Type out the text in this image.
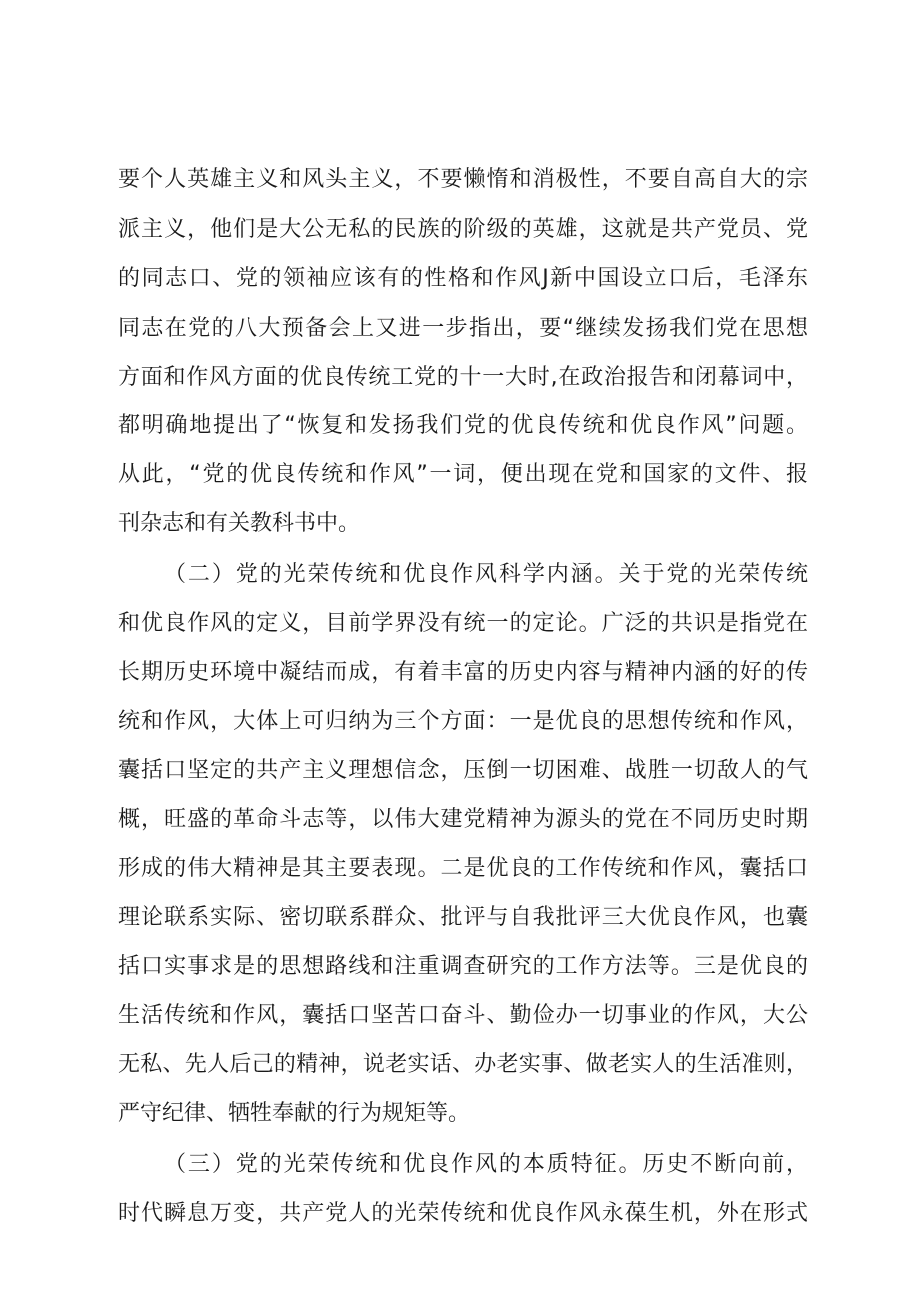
要个人英雄主义和风头主义，不要懒惰和消极性，不要自高自大的宗
派主义，他们是大公无私的民族的阶级的英雄，这就是共产党员、党
的同志口、党的领袖应该有的性格和作风J新中国设立口后，毛泽东
同志在党的八大预备会上又进一步指出，要“继续发扬我们党在思想
方面和作风方面的优良传统工党的十一大时,在政治报告和闭幕词中，
都明确地提出了“恢复和发扬我们党的优良传统和优良作风”问题。
从此，“党的优良传统和作风”一词，便出现在党和国家的文件、报
刊杂志和有关教科书中。
（二）党的光荣传统和优良作风科学内涵。关于党的光荣传统
和优良作风的定义，目前学界没有统一的定论。广泛的共识是指党在
长期历史环境中凝结而成，有着丰富的历史内容与精神内涵的好的传
统和作风，大体上可归纳为三个方面：一是优良的思想传统和作风，
囊括口坚定的共产主义理想信念，压倒一切困难、战胜一切敌人的气
概，旺盛的革命斗志等，以伟大建党精神为源头的党在不同历史时期
形成的伟大精神是其主要表现。二是优良的工作传统和作风，囊括口
理论联系实际、密切联系群众、批评与自我批评三大优良作风，也囊
括口实事求是的思想路线和注重调查研究的工作方法等。三是优良的
生活传统和作风，囊括口坚苦口奋斗、勤俭办一切事业的作风，大公
无私、先人后己的精神，说老实话、办老实事、做老实人的生活准则，
严守纪律、牺牲奉献的行为规矩等。
（三）党的光荣传统和优良作风的本质特征。历史不断向前，
时代瞬息万变，共产党人的光荣传统和优良作风永葆生机，外在形式
